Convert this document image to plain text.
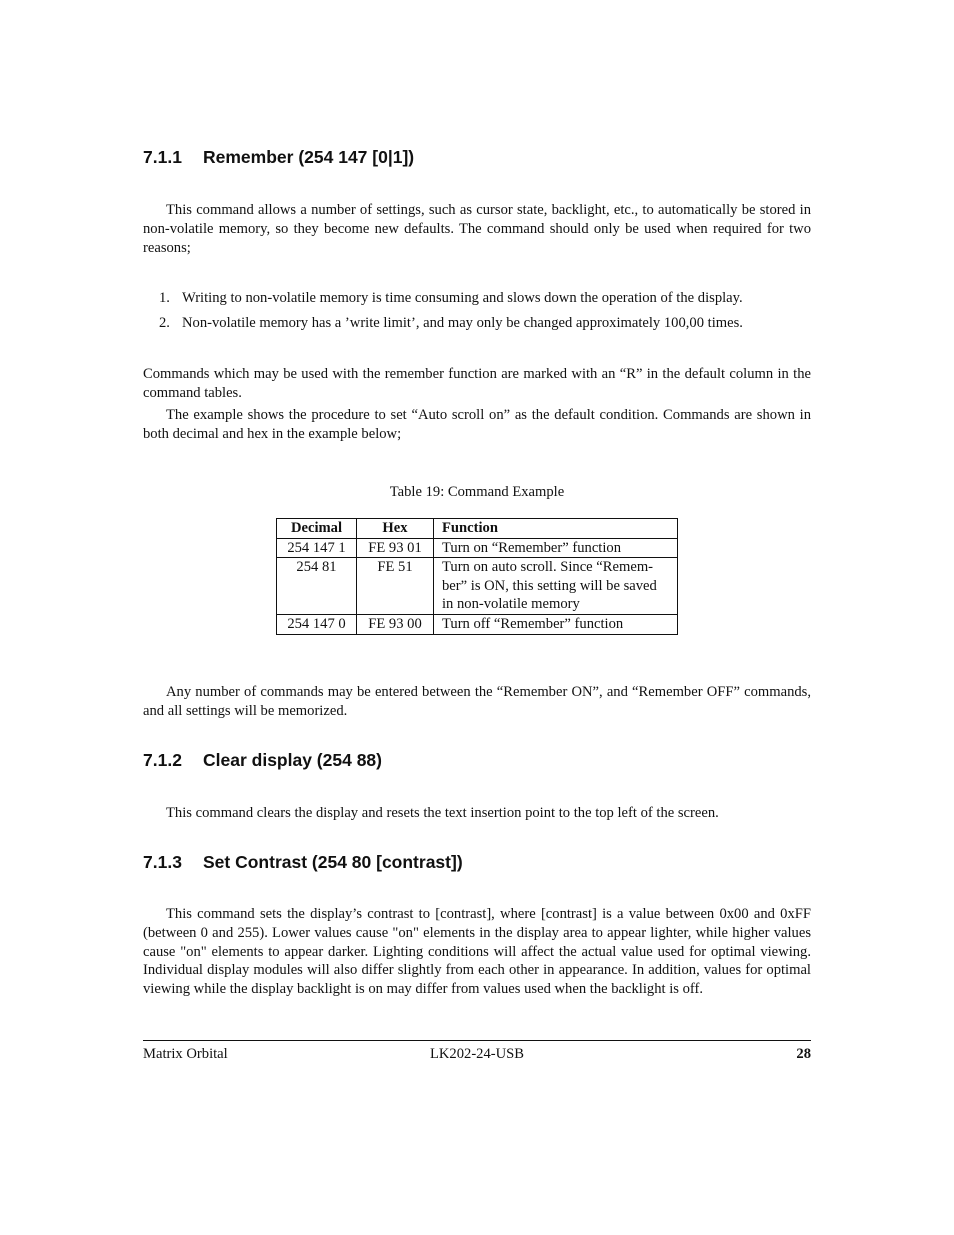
7.1.1 Remember (254 147 [0|1])

This command allows a number of settings, such as cursor state, backlight, etc., to automatically be stored in non-volatile memory, so they become new defaults. The command should only be used when required for two reasons;

1. Writing to non-volatile memory is time consuming and slows down the operation of the display.
2. Non-volatile memory has a ’write limit’, and may only be changed approximately 100,00 times.

Commands which may be used with the remember function are marked with an “R” in the default column in the command tables.

The example shows the procedure to set “Auto scroll on” as the default condition. Commands are shown in both decimal and hex in the example below;

Table 19: Command Example
Decimal	Hex	Function
254 147 1	FE 93 01	Turn on “Remember” function
254 81	FE 51	Turn on auto scroll. Since “Remem-
ber” is ON, this setting will be saved
in non-volatile memory
254 147 0	FE 93 00	Turn off “Remember” function

Any number of commands may be entered between the “Remember ON”, and “Remember OFF” commands, and all settings will be memorized.

7.1.2 Clear display (254 88)

This command clears the display and resets the text insertion point to the top left of the screen.

7.1.3 Set Contrast (254 80 [contrast])

This command sets the display’s contrast to [contrast], where [contrast] is a value between 0x00 and 0xFF (between 0 and 255). Lower values cause "on" elements in the display area to appear lighter, while higher values cause "on" elements to appear darker. Lighting conditions will affect the actual value used for optimal viewing. Individual display modules will also differ slightly from each other in appearance. In addition, values for optimal viewing while the display backlight is on may differ from values used when the backlight is off.

Matrix Orbital	LK202-24-USB	28
